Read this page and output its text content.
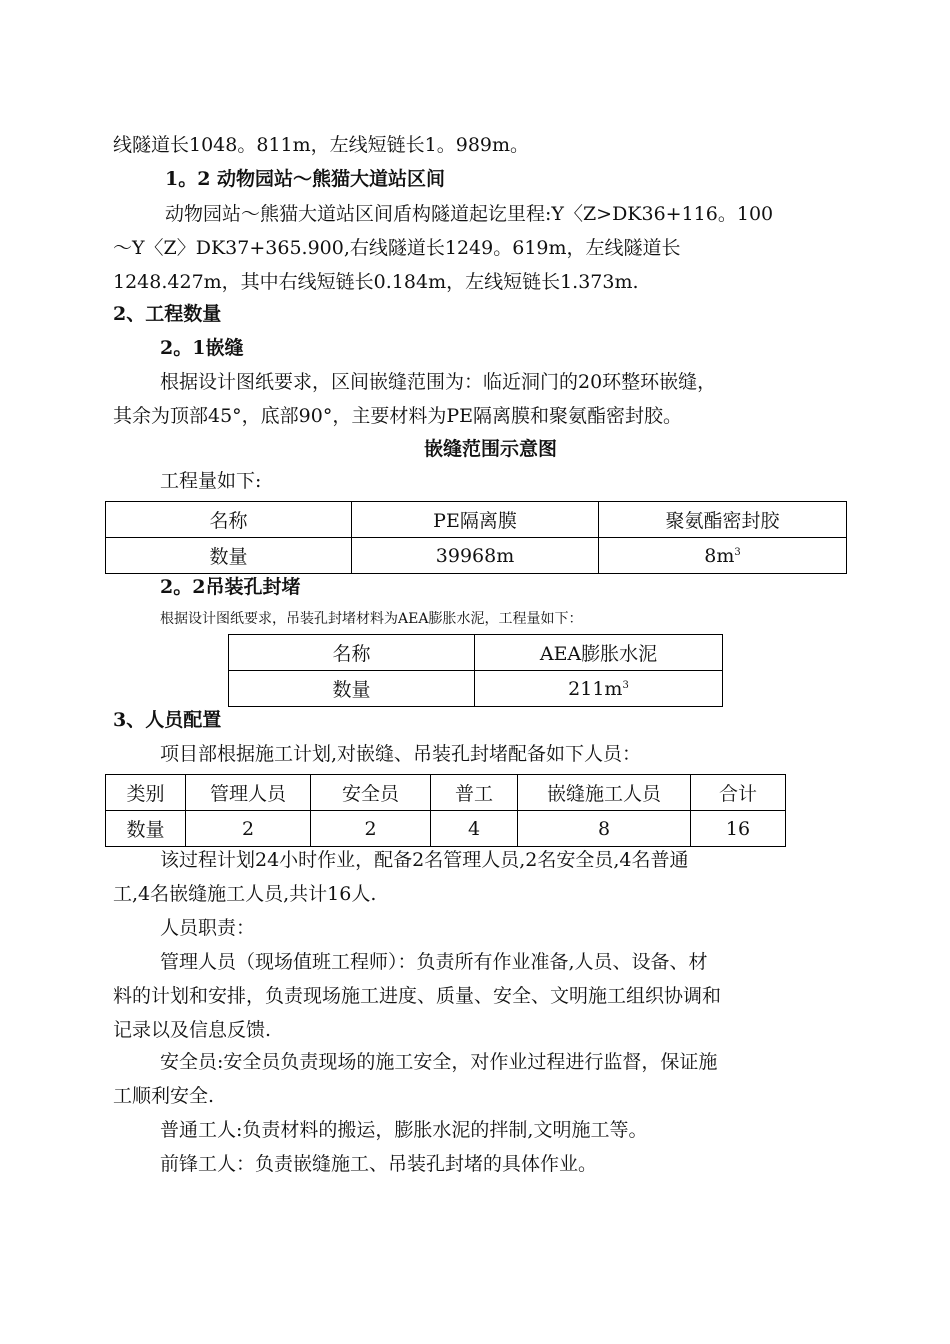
线隧道长1048。811m，左线短链长1。989m。
1。2 动物园站～熊猫大道站区间
动物园站～熊猫大道站区间盾构隧道起讫里程:Y〈Z>DK36+116。100
～Y〈Z〉DK37+365.900,右线隧道长1249。619m，左线隧道长
1248.427m，其中右线短链长0.184m，左线短链长1.373m.
2、工程数量
2。1嵌缝
根据设计图纸要求，区间嵌缝范围为：临近洞门的20环整环嵌缝，
其余为顶部45°，底部90°，主要材料为PE隔离膜和聚氨酯密封胶。
嵌缝范围示意图
工程量如下:
名称	PE隔离膜	聚氨酯密封胶
数量	39968m	$8m^3$
2。2吊装孔封堵
根据设计图纸要求，吊装孔封堵材料为AEA膨胀水泥，工程量如下：
名称	AEA膨胀水泥
数量	$211m^3$
3、人员配置
项目部根据施工计划,对嵌缝、吊装孔封堵配备如下人员：
类别	管理人员	安全员	普工	嵌缝施工人员	合计
数量	2	2	4	8	16
该过程计划24小时作业，配备2名管理人员,2名安全员,4名普通
工,4名嵌缝施工人员,共计16人.
人员职责：
管理人员（现场值班工程师）：负责所有作业准备,人员、设备、材
料的计划和安排，负责现场施工进度、质量、安全、文明施工组织协调和
记录以及信息反馈.
安全员:安全员负责现场的施工安全，对作业过程进行监督，保证施
工顺利安全.
普通工人:负责材料的搬运，膨胀水泥的拌制,文明施工等。
前锋工人：负责嵌缝施工、吊装孔封堵的具体作业。
